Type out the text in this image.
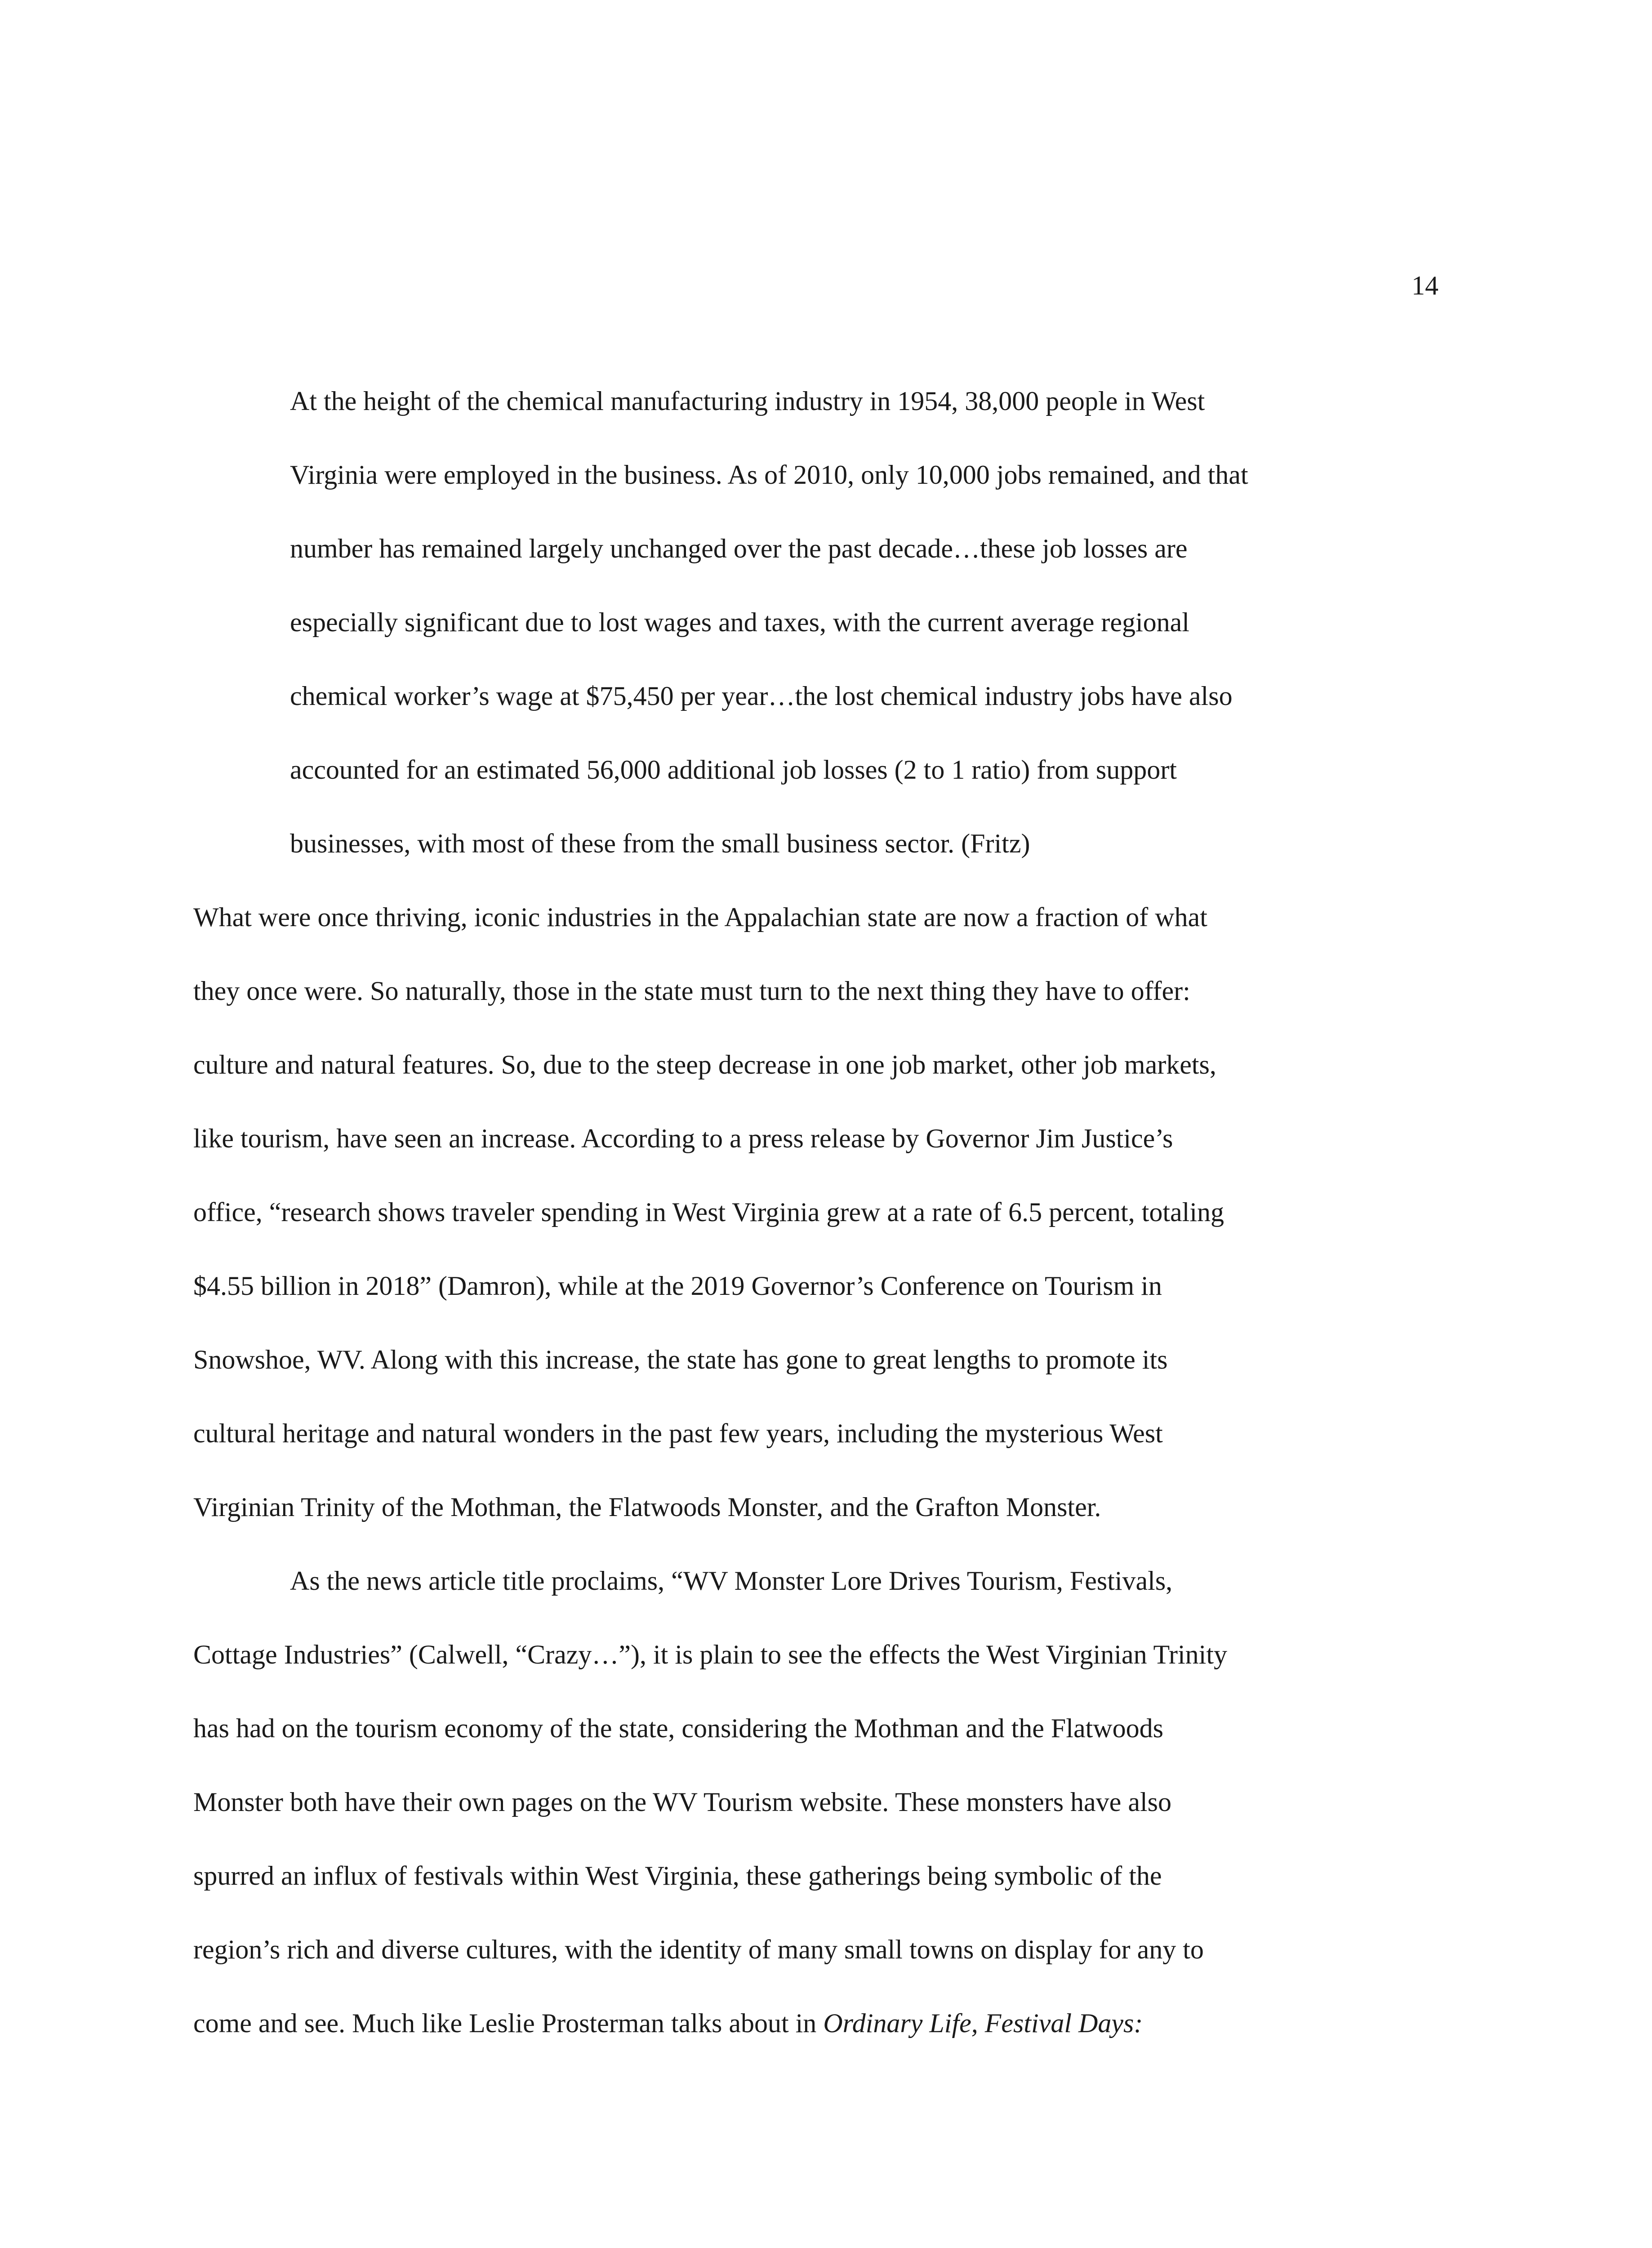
14
At the height of the chemical manufacturing industry in 1954, 38,000 people in West
Virginia were employed in the business. As of 2010, only 10,000 jobs remained, and that
number has remained largely unchanged over the past decade…these job losses are
especially significant due to lost wages and taxes, with the current average regional
chemical worker’s wage at $75,450 per year…the lost chemical industry jobs have also
accounted for an estimated 56,000 additional job losses (2 to 1 ratio) from support
businesses, with most of these from the small business sector. (Fritz)
What were once thriving, iconic industries in the Appalachian state are now a fraction of what
they once were. So naturally, those in the state must turn to the next thing they have to offer:
culture and natural features. So, due to the steep decrease in one job market, other job markets,
like tourism, have seen an increase. According to a press release by Governor Jim Justice’s
office, “research shows traveler spending in West Virginia grew at a rate of 6.5 percent, totaling
$4.55 billion in 2018” (Damron), while at the 2019 Governor’s Conference on Tourism in
Snowshoe, WV. Along with this increase, the state has gone to great lengths to promote its
cultural heritage and natural wonders in the past few years, including the mysterious West
Virginian Trinity of the Mothman, the Flatwoods Monster, and the Grafton Monster.
As the news article title proclaims, “WV Monster Lore Drives Tourism, Festivals,
Cottage Industries” (Calwell, “Crazy…”), it is plain to see the effects the West Virginian Trinity
has had on the tourism economy of the state, considering the Mothman and the Flatwoods
Monster both have their own pages on the WV Tourism website. These monsters have also
spurred an influx of festivals within West Virginia, these gatherings being symbolic of the
region’s rich and diverse cultures, with the identity of many small towns on display for any to
come and see. Much like Leslie Prosterman talks about in Ordinary Life, Festival Days:
